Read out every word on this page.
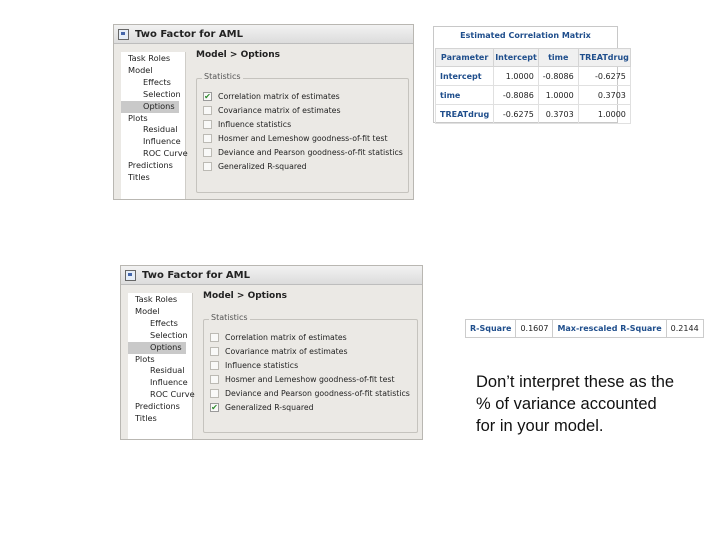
Two Factor for AML
Task Roles
Model
Effects
Selection
Options
Plots
Residual
Influence
ROC Curve
Predictions
Titles
Model > Options
Statistics
✔ Correlation matrix of estimates
Covariance matrix of estimates
Influence statistics
Hosmer and Lemeshow goodness-of-fit test
Deviance and Pearson goodness-of-fit statistics
Generalized R-squared
Estimated Correlation Matrix
Parameter	Intercept	time	TREATdrug
Intercept	1.0000	-0.8086	-0.6275
time	-0.8086	1.0000	0.3703
TREATdrug	-0.6275	0.3703	1.0000
Two Factor for AML
Task Roles
Model
Effects
Selection
Options
Plots
Residual
Influence
ROC Curve
Predictions
Titles
Model > Options
Statistics
Correlation matrix of estimates
Covariance matrix of estimates
Influence statistics
Hosmer and Lemeshow goodness-of-fit test
Deviance and Pearson goodness-of-fit statistics
✔ Generalized R-squared
R-Square	0.1607	Max-rescaled R-Square	0.2144
Don’t interpret these as the % of variance accounted for in your model.
